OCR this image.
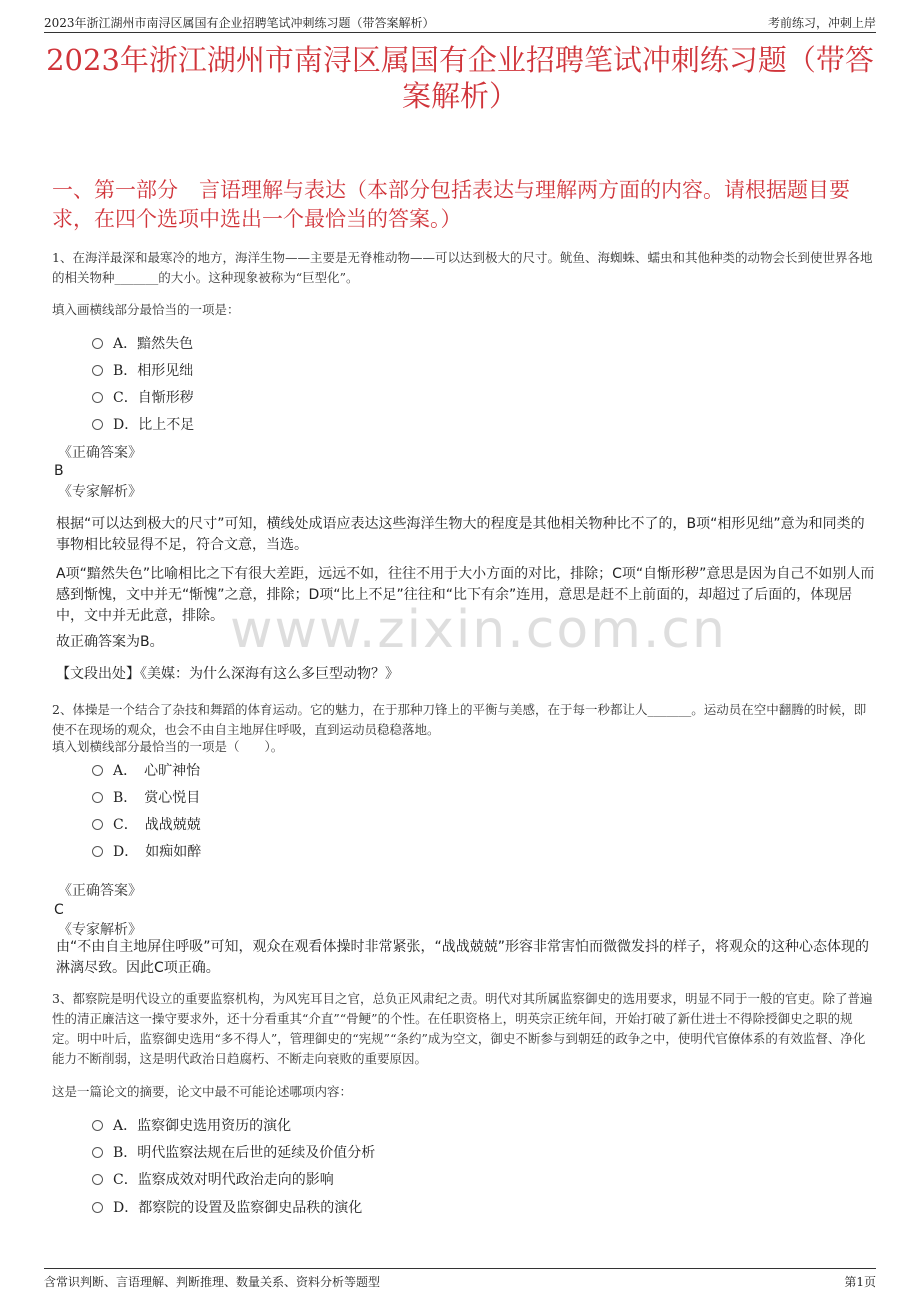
2023年浙江湖州市南浔区属国有企业招聘笔试冲刺练习题（带答案解析）	考前练习，冲刺上岸
2023年浙江湖州市南浔区属国有企业招聘笔试冲刺练习题（带答案解析）
一、第一部分　言语理解与表达（本部分包括表达与理解两方面的内容。请根据题目要求，在四个选项中选出一个最恰当的答案。）
www.zixin.com.cn
1、在海洋最深和最寒冷的地方，海洋生物——主要是无脊椎动物——可以达到极大的尺寸。鱿鱼、海蜘蛛、蠕虫和其他种类的动物会长到使世界各地的相关物种_______的大小。这种现象被称为“巨型化”。
填入画横线部分最恰当的一项是：
A．黯然失色
B．相形见绌
C．自惭形秽
D．比上不足
《正确答案》
B
《专家解析》
根据“可以达到极大的尺寸”可知，横线处成语应表达这些海洋生物大的程度是其他相关物种比不了的，B项“相形见绌”意为和同类的事物相比较显得不足，符合文意，当选。
A项“黯然失色”比喻相比之下有很大差距，远远不如，往往不用于大小方面的对比，排除；C项“自惭形秽”意思是因为自己不如别人而感到惭愧，文中并无“惭愧”之意，排除；D项“比上不足”往往和“比下有余”连用，意思是赶不上前面的，却超过了后面的，体现居中，文中并无此意，排除。
故正确答案为B。
【文段出处】《美媒：为什么深海有这么多巨型动物？》
2、体操是一个结合了杂技和舞蹈的体育运动。它的魅力，在于那种刀锋上的平衡与美感，在于每一秒都让人_______。运动员在空中翻腾的时候，即使不在现场的观众，也会不由自主地屏住呼吸，直到运动员稳稳落地。
填入划横线部分最恰当的一项是（　　）。
A．　心旷神怡
B．　赏心悦目
C．　战战兢兢
D．　如痴如醉
《正确答案》
C
《专家解析》
由“不由自主地屏住呼吸”可知，观众在观看体操时非常紧张，“战战兢兢”形容非常害怕而微微发抖的样子，将观众的这种心态体现的淋漓尽致。因此C项正确。
3、都察院是明代设立的重要监察机构，为风宪耳目之官，总负正风肃纪之责。明代对其所属监察御史的选用要求，明显不同于一般的官吏。除了普遍性的清正廉洁这一操守要求外，还十分看重其“介直”“骨鲠”的个性。在任职资格上，明英宗正统年间，开始打破了新仕进士不得除授御史之职的规定。明中叶后，监察御史选用“多不得人”，管理御史的“宪规”“条约”成为空文，御史不断参与到朝廷的政争之中，使明代官僚体系的有效监督、净化能力不断削弱，这是明代政治日趋腐朽、不断走向衰败的重要原因。
这是一篇论文的摘要，论文中最不可能论述哪项内容：
A．监察御史选用资历的演化
B．明代监察法规在后世的延续及价值分析
C．监察成效对明代政治走向的影响
D．都察院的设置及监察御史品秩的演化
含常识判断、言语理解、判断推理、数量关系、资料分析等题型	第1页
